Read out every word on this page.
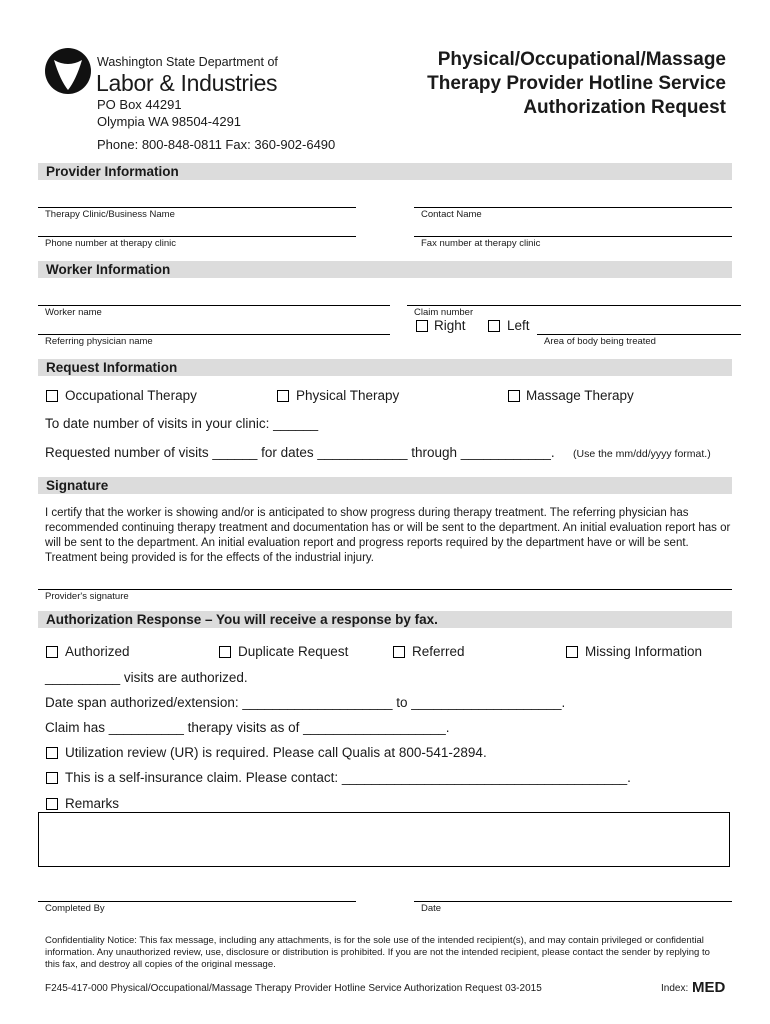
Washington State Department of
Labor & Industries
PO Box 44291
Olympia WA 98504-4291
Phone: 800-848-0811 Fax: 360-902-6490
Physical/Occupational/Massage
Therapy Provider Hotline Service
Authorization Request
Provider Information
Therapy Clinic/Business Name	Contact Name
Phone number at therapy clinic	Fax number at therapy clinic
Worker Information
Worker name	Claim number
Referring physician name
Right	Left
Area of body being treated
Request Information
Occupational Therapy	Physical Therapy	Massage Therapy
To date number of visits in your clinic: ______
Requested number of visits ______ for dates ____________ through ____________. (Use the mm/dd/yyyy format.)
Signature
I certify that the worker is showing and/or is anticipated to show progress during therapy treatment. The referring physician has recommended continuing therapy treatment and documentation has or will be sent to the department. An initial evaluation report has or will be sent to the department. An initial evaluation report and progress reports required by the department have or will be sent. Treatment being provided is for the effects of the industrial injury.
Provider's signature
Authorization Response – You will receive a response by fax.
Authorized	Duplicate Request	Referred	Missing Information
__________ visits are authorized.
Date span authorized/extension: ____________________ to ____________________.
Claim has __________ therapy visits as of ___________________.
Utilization review (UR) is required. Please call Qualis at 800-541-2894.
This is a self-insurance claim. Please contact: ______________________________________.
Remarks
Completed By	Date
Confidentiality Notice: This fax message, including any attachments, is for the sole use of the intended recipient(s), and may contain privileged or confidential information. Any unauthorized review, use, disclosure or distribution is prohibited. If you are not the intended recipient, please contact the sender by replying to this fax, and destroy all copies of the original message.
F245-417-000 Physical/Occupational/Massage Therapy Provider Hotline Service Authorization Request 03-2015	Index: MED
